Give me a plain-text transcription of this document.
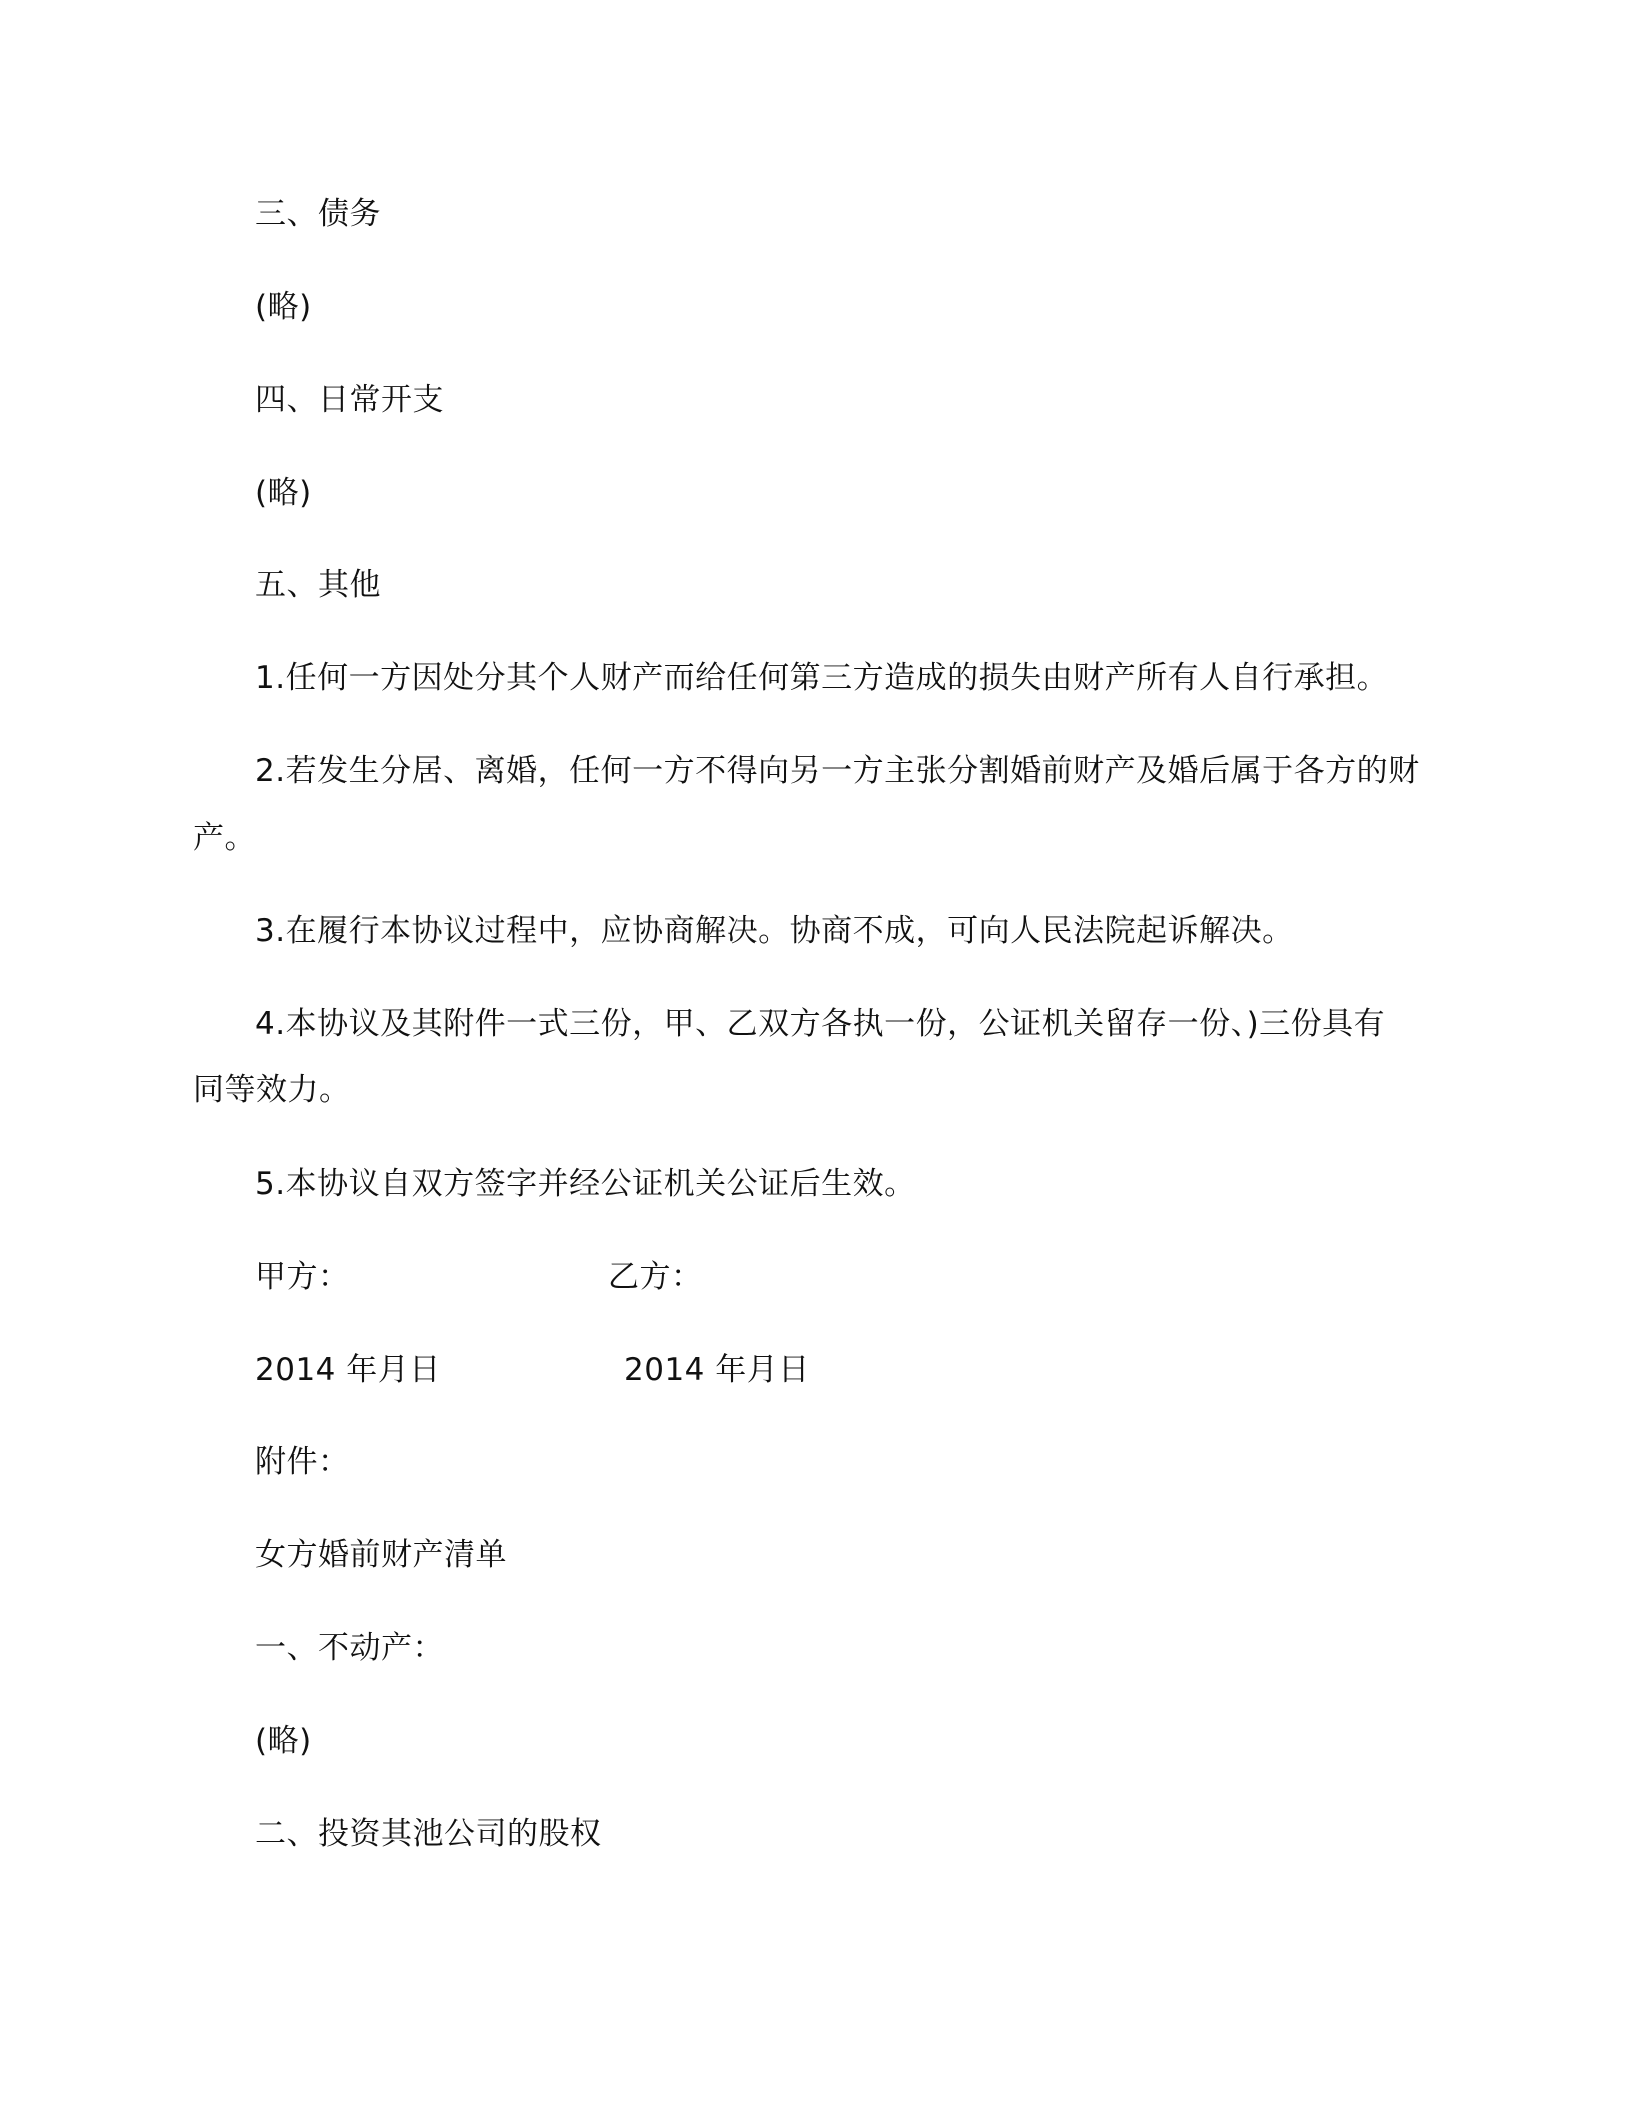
三、债务
(略)
四、日常开支
(略)
五、其他
1.任何一方因处分其个人财产而给任何第三方造成的损失由财产所有人自行承担。
2.若发生分居、离婚，任何一方不得向另一方主张分割婚前财产及婚后属于各方的财
产。
3.在履行本协议过程中，应协商解决。协商不成，可向人民法院起诉解决。
4.本协议及其附件一式三份，甲、乙双方各执一份，公证机关留存一份、)三份具有
同等效力。
5.本协议自双方签字并经公证机关公证后生效。
甲方：	乙方：
2014 年月日	2014 年月日
附件：
女方婚前财产清单
一、不动产：
(略)
二、投资其池公司的股权
